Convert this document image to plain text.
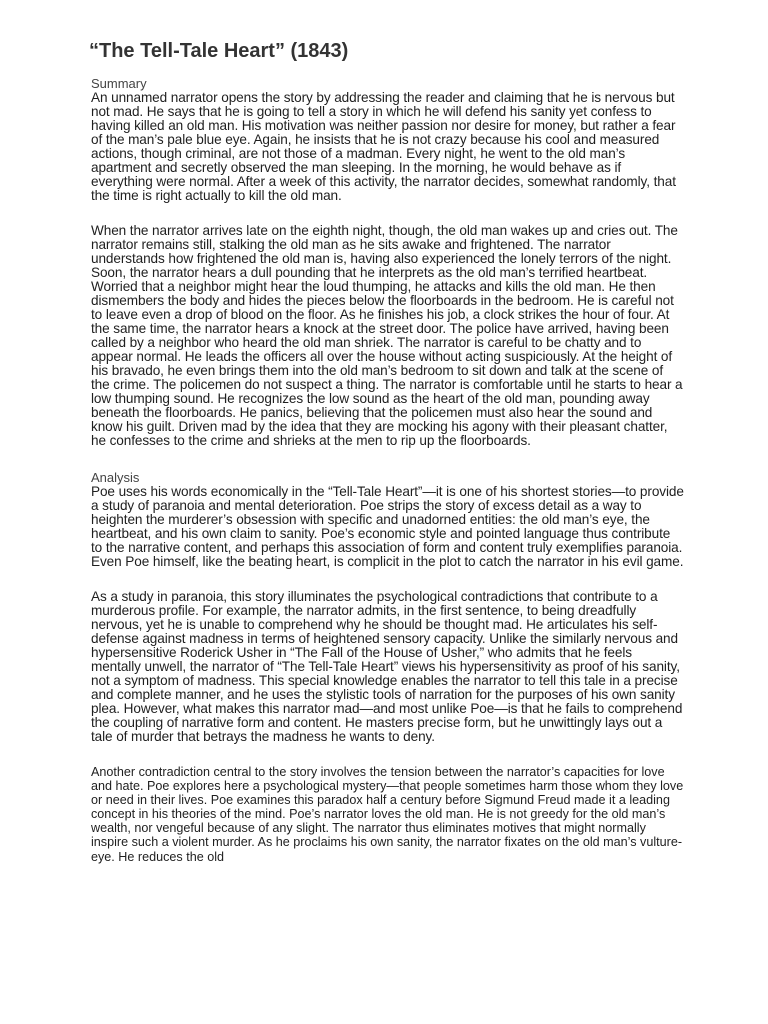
“The Tell-Tale Heart” (1843)
Summary

An unnamed narrator opens the story by addressing the reader and claiming that he is nervous but not mad. He says that he is going to tell a story in which he will defend his sanity yet confess to having killed an old man. His motivation was neither passion nor desire for money, but rather a fear of the man’s pale blue eye. Again, he insists that he is not crazy because his cool and measured actions, though criminal, are not those of a madman. Every night, he went to the old man’s apartment and secretly observed the man sleeping. In the morning, he would behave as if everything were normal. After a week of this activity, the narrator decides, somewhat randomly, that the time is right actually to kill the old man.

When the narrator arrives late on the eighth night, though, the old man wakes up and cries out. The narrator remains still, stalking the old man as he sits awake and frightened. The narrator understands how frightened the old man is, having also experienced the lonely terrors of the night. Soon, the narrator hears a dull pounding that he interprets as the old man’s terrified heartbeat. Worried that a neighbor might hear the loud thumping, he attacks and kills the old man. He then dismembers the body and hides the pieces below the floorboards in the bedroom. He is careful not to leave even a drop of blood on the floor. As he finishes his job, a clock strikes the hour of four. At the same time, the narrator hears a knock at the street door. The police have arrived, having been called by a neighbor who heard the old man shriek. The narrator is careful to be chatty and to appear normal. He leads the officers all over the house without acting suspiciously. At the height of his bravado, he even brings them into the old man’s bedroom to sit down and talk at the scene of the crime. The policemen do not suspect a thing. The narrator is comfortable until he starts to hear a low thumping sound. He recognizes the low sound as the heart of the old man, pounding away beneath the floorboards. He panics, believing that the policemen must also hear the sound and know his guilt. Driven mad by the idea that they are mocking his agony with their pleasant chatter, he confesses to the crime and shrieks at the men to rip up the floorboards.

Analysis

Poe uses his words economically in the “Tell-Tale Heart”—it is one of his shortest stories—to provide a study of paranoia and mental deterioration. Poe strips the story of excess detail as a way to heighten the murderer’s obsession with specific and unadorned entities: the old man’s eye, the heartbeat, and his own claim to sanity. Poe’s economic style and pointed language thus contribute to the narrative content, and perhaps this association of form and content truly exemplifies paranoia. Even Poe himself, like the beating heart, is complicit in the plot to catch the narrator in his evil game.

As a study in paranoia, this story illuminates the psychological contradictions that contribute to a murderous profile. For example, the narrator admits, in the first sentence, to being dreadfully nervous, yet he is unable to comprehend why he should be thought mad. He articulates his self-defense against madness in terms of heightened sensory capacity. Unlike the similarly nervous and hypersensitive Roderick Usher in “The Fall of the House of Usher,” who admits that he feels mentally unwell, the narrator of “The Tell-Tale Heart” views his hypersensitivity as proof of his sanity, not a symptom of madness. This special knowledge enables the narrator to tell this tale in a precise and complete manner, and he uses the stylistic tools of narration for the purposes of his own sanity plea. However, what makes this narrator mad—and most unlike Poe—is that he fails to comprehend the coupling of narrative form and content. He masters precise form, but he unwittingly lays out a tale of murder that betrays the madness he wants to deny.

Another contradiction central to the story involves the tension between the narrator’s capacities for love and hate. Poe explores here a psychological mystery—that people sometimes harm those whom they love or need in their lives. Poe examines this paradox half a century before Sigmund Freud made it a leading concept in his theories of the mind. Poe’s narrator loves the old man. He is not greedy for the old man’s wealth, nor vengeful because of any slight. The narrator thus eliminates motives that might normally inspire such a violent murder. As he proclaims his own sanity, the narrator fixates on the old man’s vulture-eye. He reduces the old
